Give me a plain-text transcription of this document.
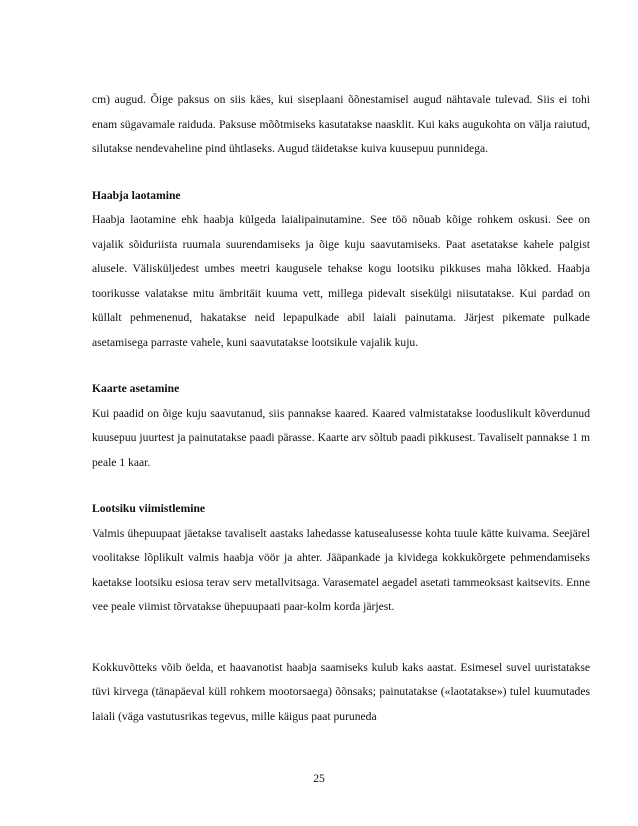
cm) augud. Õige paksus on siis käes, kui siseplaani õõnestamisel augud nähtavale tulevad. Siis ei tohi enam sügavamale raiduda. Paksuse mõõtmiseks kasutatakse naasklit. Kui kaks augukohta on välja raiutud, silutakse nendevaheline pind ühtlaseks. Augud täidetakse kuiva kuusepuu punnidega.

Haabja laotamine

Haabja laotamine ehk haabja külgeda laialipainutamine. See töö nõuab kõige rohkem oskusi. See on vajalik sõiduriista ruumala suurendamiseks ja õige kuju saavutamiseks. Paat asetatakse kahele palgist alusele. Välisküljedest umbes meetri kaugusele tehakse kogu lootsiku pikkuses maha lõkked. Haabja toorikusse valatakse mitu ämbritäit kuuma vett, millega pidevalt sisekülgi niisutatakse. Kui pardad on küllalt pehmenenud, hakatakse neid lepapulkade abil laiali painutama. Järjest pikemate pulkade asetamisega parraste vahele, kuni saavutatakse lootsikule vajalik kuju.

Kaarte asetamine

Kui paadid on õige kuju saavutanud, siis pannakse kaared. Kaared valmistatakse looduslikult kõverdunud kuusepuu juurtest ja painutatakse paadi pärasse. Kaarte arv sõltub paadi pikkusest. Tavaliselt pannakse 1 m peale 1 kaar.

Lootsiku viimistlemine

Valmis ühepuupaat jäetakse tavaliselt aastaks lahedasse katusealusesse kohta tuule kätte kuivama. Seejärel voolitakse lõplikult valmis haabja vöör ja ahter. Jääpankade ja kividega kokkukõrgete pehmendamiseks kaetakse lootsiku esiosa terav serv metallvitsaga. Varasematel aegadel asetati tammeoksast kaitsevits. Enne vee peale viimist tõrvatakse ühepuupaati paar-kolm korda järjest.

Kokkuvõtteks võib öelda, et haavanotist haabja saamiseks kulub kaks aastat. Esimesel suvel uuristatakse tüvi kirvega (tänapäeval küll rohkem mootorsaega) õõnsaks; painutatakse («laotatakse») tulel kuumutades laiali (väga vastutusrikas tegevus, mille käigus paat puruneda

25
